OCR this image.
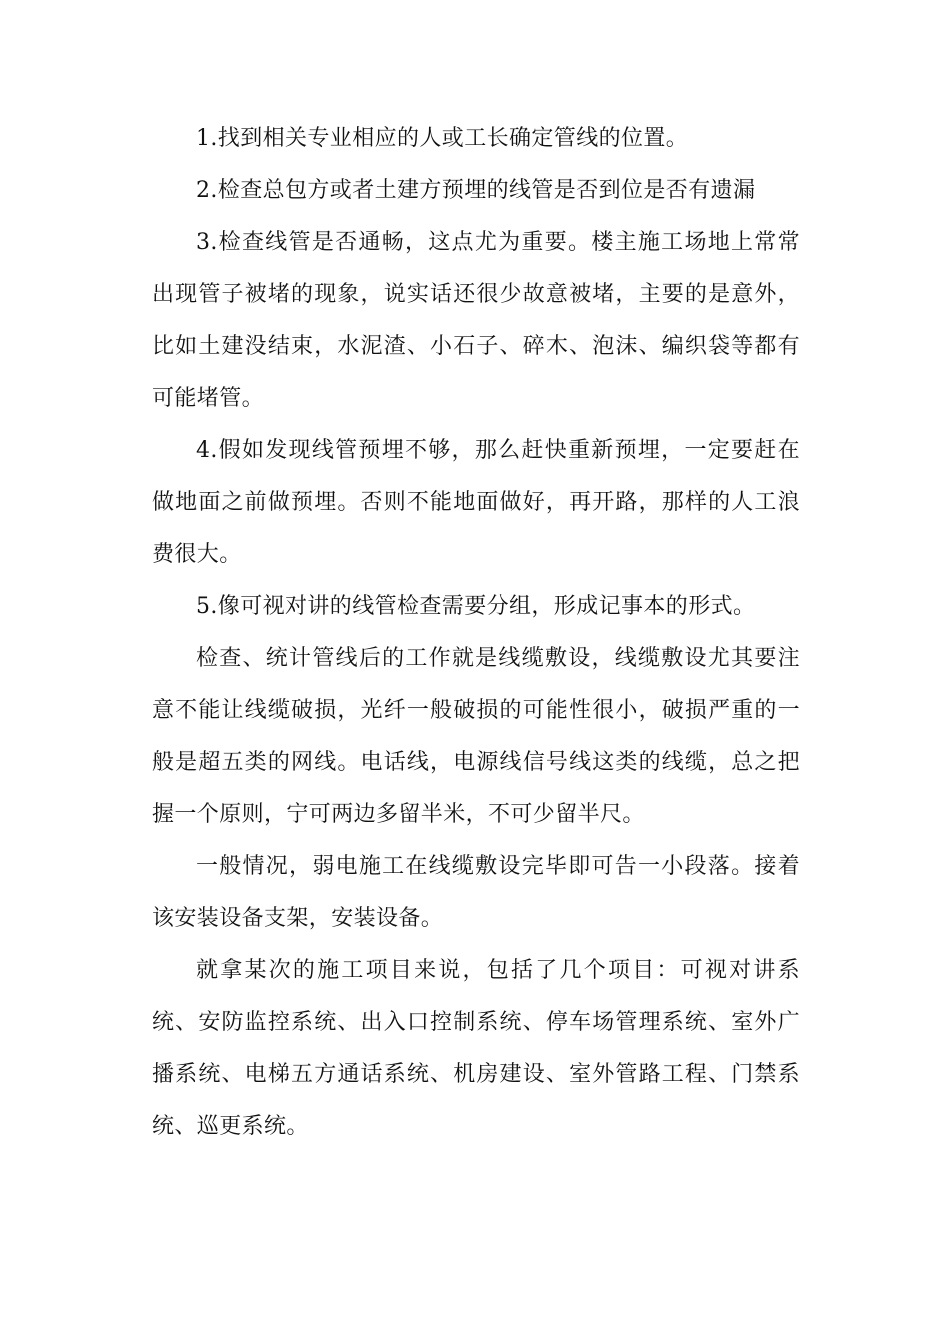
1.找到相关专业相应的人或工长确定管线的位置。

2.检查总包方或者土建方预埋的线管是否到位是否有遗漏

3.检查线管是否通畅，这点尤为重要。楼主施工场地上常常出现管子被堵的现象，说实话还很少故意被堵，主要的是意外，比如土建没结束，水泥渣、小石子、碎木、泡沫、编织袋等都有可能堵管。

4.假如发现线管预埋不够，那么赶快重新预埋，一定要赶在做地面之前做预埋。否则不能地面做好，再开路，那样的人工浪费很大。

5.像可视对讲的线管检查需要分组，形成记事本的形式。

检查、统计管线后的工作就是线缆敷设，线缆敷设尤其要注意不能让线缆破损，光纤一般破损的可能性很小，破损严重的一般是超五类的网线。电话线，电源线信号线这类的线缆，总之把握一个原则，宁可两边多留半米，不可少留半尺。

一般情况，弱电施工在线缆敷设完毕即可告一小段落。接着该安装设备支架，安装设备。

就拿某次的施工项目来说，包括了几个项目：可视对讲系统、安防监控系统、出入口控制系统、停车场管理系统、室外广播系统、电梯五方通话系统、机房建设、室外管路工程、门禁系统、巡更系统。
